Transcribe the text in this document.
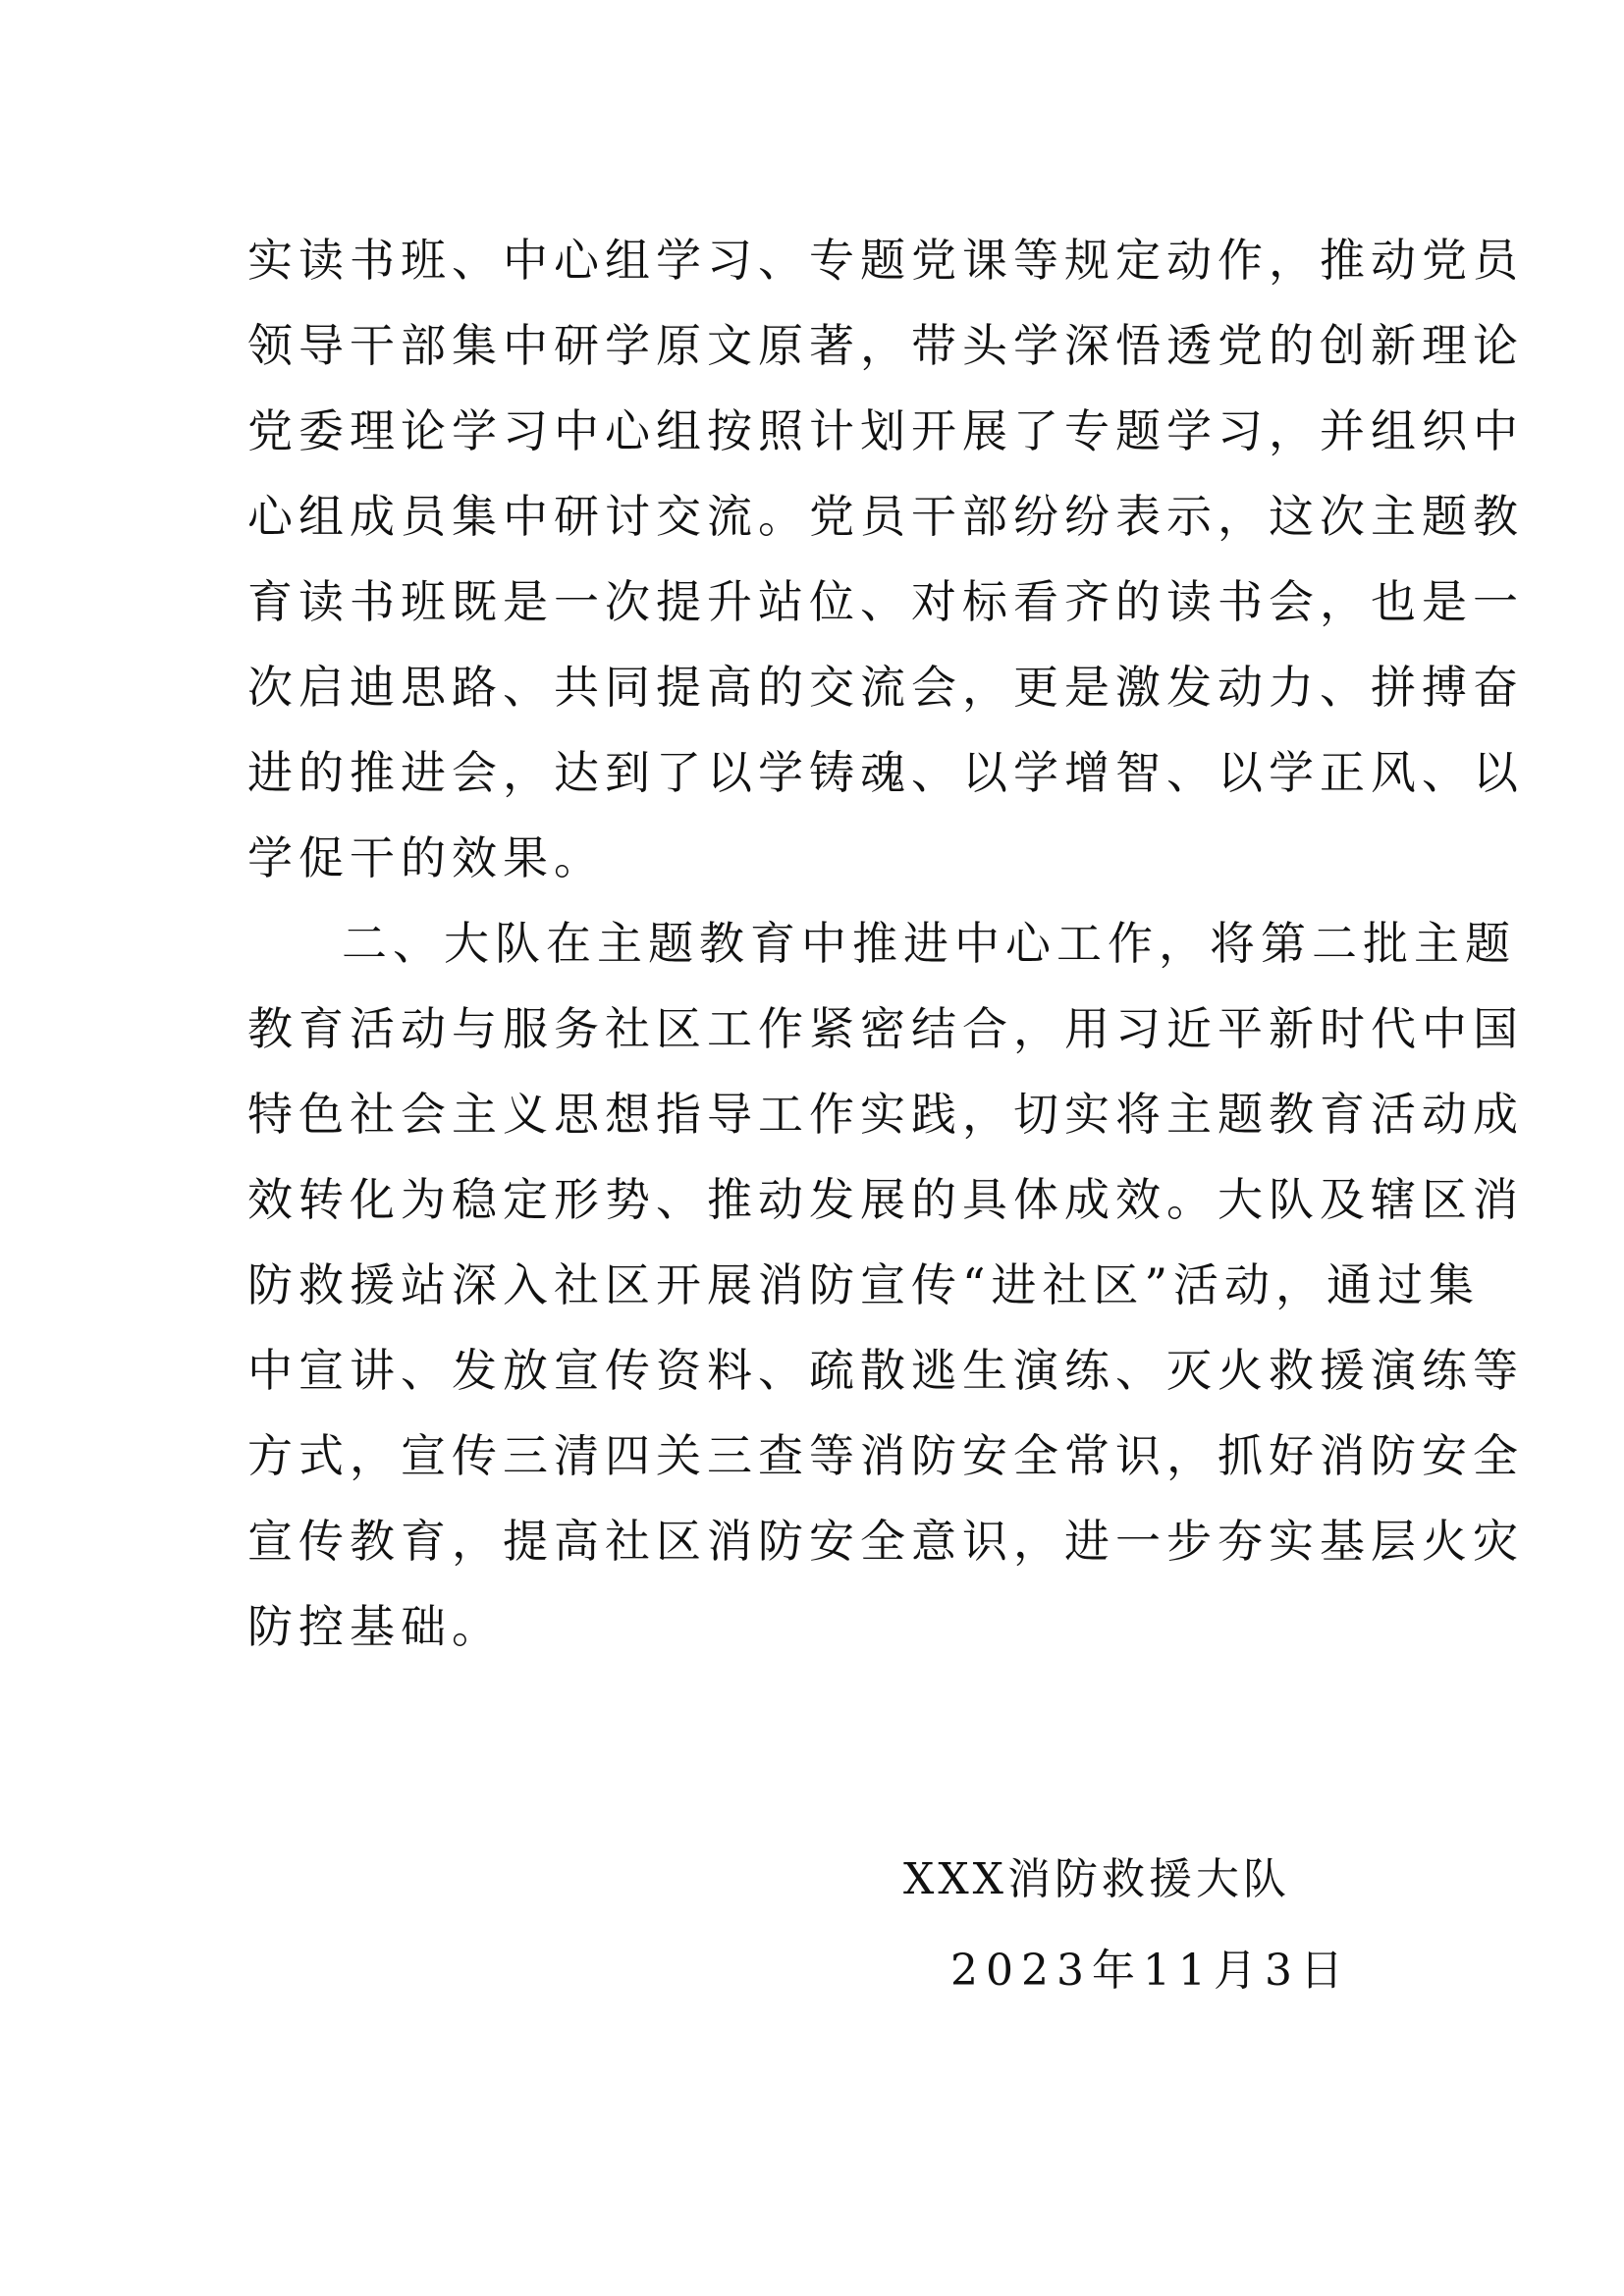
实读书班、中心组学习、专题党课等规定动作，推动党员
领导干部集中研学原文原著，带头学深悟透党的创新理论
党委理论学习中心组按照计划开展了专题学习，并组织中
心组成员集中研讨交流。党员干部纷纷表示，这次主题教
育读书班既是一次提升站位、对标看齐的读书会，也是一
次启迪思路、共同提高的交流会，更是激发动力、拼搏奋
进的推进会，达到了以学铸魂、以学增智、以学正风、以
学促干的效果。
二、大队在主题教育中推进中心工作，将第二批主题
教育活动与服务社区工作紧密结合，用习近平新时代中国
特色社会主义思想指导工作实践，切实将主题教育活动成
效转化为稳定形势、推动发展的具体成效。大队及辖区消
防救援站深入社区开展消防宣传“进社区”活动，通过集
中宣讲、发放宣传资料、疏散逃生演练、灭火救援演练等
方式，宣传三清四关三查等消防安全常识，抓好消防安全
宣传教育，提高社区消防安全意识，进一步夯实基层火灾
防控基础。
XXX消防救援大队
2023年11月3日
